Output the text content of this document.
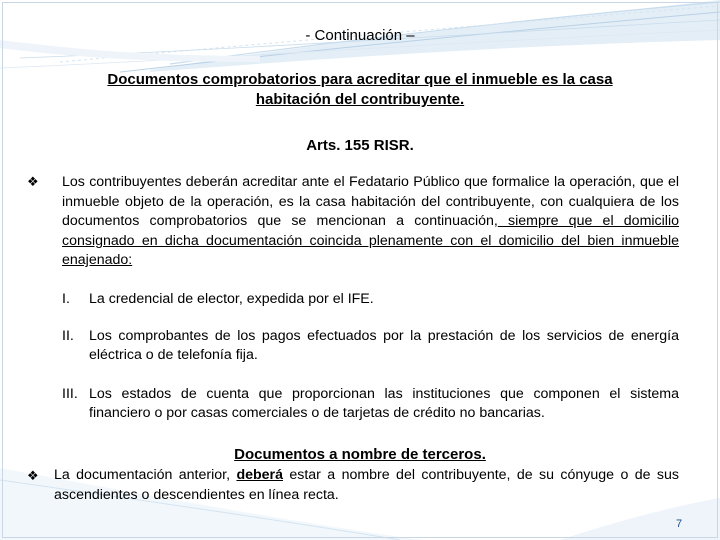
- Continuación –
Documentos comprobatorios para acreditar que el inmueble es la casa
habitación del contribuyente.
Arts. 155 RISR.
❖ Los contribuyentes deberán acreditar ante el Fedatario Público que formalice la operación, que el inmueble objeto de la operación, es la casa habitación del contribuyente, con cualquiera de los documentos comprobatorios que se mencionan a continuación, siempre que el domicilio consignado en dicha documentación coincida plenamente con el domicilio del bien inmueble enajenado:
I. La credencial de elector, expedida por el IFE.
II. Los comprobantes de los pagos efectuados por la prestación de los servicios de energía eléctrica o de telefonía fija.
III. Los estados de cuenta que proporcionan las instituciones que componen el sistema financiero o por casas comerciales o de tarjetas de crédito no bancarias.
Documentos a nombre de terceros.
❖ La documentación anterior, deberá estar a nombre del contribuyente, de su cónyuge o de sus ascendientes o descendientes en línea recta.
7
